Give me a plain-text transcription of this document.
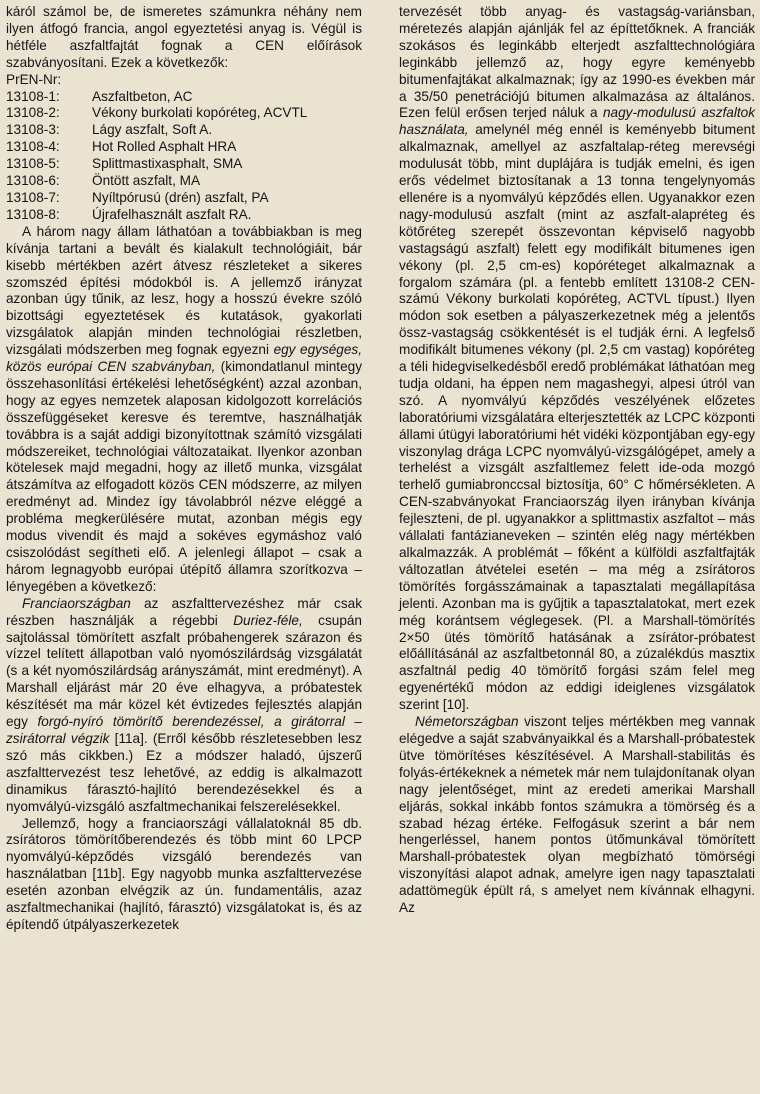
káról számol be, de ismeretes számunkra néhány nem ilyen átfogó francia, angol egyeztetési anyag is. Végül is hétféle aszfaltfajtát fognak a CEN előírások szabványosítani. Ezek a következők:

PrEN-Nr:
13108-1:	Aszfaltbeton, AC
13108-2:	Vékony burkolati kopóréteg, ACVTL
13108-3:	Lágy aszfalt, Soft A.
13108-4:	Hot Rolled Asphalt HRA
13108-5:	Splittmastixasphalt, SMA
13108-6:	Öntött aszfalt, MA
13108-7:	Nyíltpórusú (drén) aszfalt, PA
13108-8:	Újrafelhasznált aszfalt RA.

A három nagy állam láthatóan a továbbiakban is meg kívánja tartani a bevált és kialakult technológiáit, bár kisebb mértékben azért átvesz részleteket a sikeres szomszéd építési módokból is. A jellemző irányzat azonban úgy tűnik, az lesz, hogy a hosszú évekre szóló bizottsági egyeztetések és kutatások, gyakorlati vizsgálatok alapján minden technológiai részletben, vizsgálati módszerben meg fognak egyezni egy egységes, közös európai CEN szabványban, (kimondatlanul mintegy összehasonlítási értékelési lehetőségként) azzal azonban, hogy az egyes nemzetek alaposan kidolgozott korrelációs összefüggéseket keresve és teremtve, használhatják továbbra is a saját addigi bizonyítottnak számító vizsgálati módszereiket, technológiai változataikat. Ilyenkor azonban kötelesek majd megadni, hogy az illető munka, vizsgálat átszámítva az elfogadott közös CEN módszerre, az milyen eredményt ad. Mindez így távolabbról nézve eléggé a probléma megkerülésére mutat, azonban mégis egy modus vivendit és majd a sokéves egymáshoz való csiszolódást segítheti elő. A jelenlegi állapot – csak a három legnagyobb európai útépítő államra szorítkozva – lényegében a következő:

Franciaországban az aszfalttervezéshez már csak részben használják a régebbi Duriez-féle, csupán sajtolással tömörített aszfalt próbahengerek szárazon és vízzel telített állapotban való nyomószilárdság vizsgálatát (s a két nyomószilárdság arányszámát, mint eredményt). A Marshall eljárást már 20 éve elhagyva, a próbatestek készítését ma már közel két évtizedes fejlesztés alapján egy forgó-nyíró tömörítő berendezéssel, a girátorral – zsirátorral végzik [11a]. (Erről később részletesebben lesz szó más cikkben.) Ez a módszer haladó, újszerű aszfalttervezést tesz lehetővé, az eddig is alkalmazott dinamikus fárasztó-hajlító berendezésekkel és a nyomvályú-vizsgáló aszfaltmechanikai felszerelésekkel.

Jellemző, hogy a franciaországi vállalatoknál 85 db. zsírátoros tömörítőberendezés és több mint 60 LPCP nyomvályú-képződés vizsgáló berendezés van használatban [11b]. Egy nagyobb munka aszfalttervezése esetén azonban elvégzik az ún. fundamentális, azaz aszfaltmechanikai (hajlító, fárasztó) vizsgálatokat is, és az építendő útpályaszerkezetek

tervezését több anyag- és vastagság-variánsban, méretezés alapján ajánlják fel az építtetőknek. A franciák szokásos és leginkább elterjedt aszfalttechnológiára leginkább jellemző az, hogy egyre keményebb bitumenfajtákat alkalmaznak; így az 1990-es években már a 35/50 penetrációjú bitumen alkalmazása az általános. Ezen felül erősen terjed náluk a nagy-modulusú aszfaltok használata, amelynél még ennél is keményebb bitument alkalmaznak, amellyel az aszfaltalap-réteg merevségi modulusát több, mint duplájára is tudják emelni, és igen erős védelmet biztosítanak a 13 tonna tengelynyomás ellenére is a nyomvályú képződés ellen. Ugyanakkor ezen nagy-modulusú aszfalt (mint az aszfalt-alapréteg és kötőréteg szerepét összevontan képviselő nagyobb vastagságú aszfalt) felett egy modifikált bitumenes igen vékony (pl. 2,5 cm-es) kopóréteget alkalmaznak a forgalom számára (pl. a fentebb említett 13108-2 CEN-számú Vékony burkolati kopóréteg, ACTVL típust.) Ilyen módon sok esetben a pályaszerkezetnek még a jelentős össz-vastagság csökkentését is el tudják érni. A legfelső modifikált bitumenes vékony (pl. 2,5 cm vastag) kopóréteg a téli hidegviselkedésből eredő problémákat láthatóan meg tudja oldani, ha éppen nem magashegyi, alpesi útról van szó. A nyomvályú képződés veszélyének előzetes laboratóriumi vizsgálatára elterjesztették az LCPC központi állami útügyi laboratóriumi hét vidéki központjában egy-egy viszonylag drága LCPC nyomvályú-vizsgálógépet, amely a terhelést a vizsgált aszfaltlemez felett ide-oda mozgó terhelő gumiabronccsal biztosítja, 60° C hőmérsékleten. A CEN-szabványokat Franciaország ilyen irányban kívánja fejleszteni, de pl. ugyanakkor a splittmastix aszfaltot – más vállalati fantázianeveken – szintén elég nagy mértékben alkalmazzák. A problémát – főként a külföldi aszfaltfajták változatlan átvételei esetén – ma még a zsírátoros tömörítés forgásszámainak a tapasztalati megállapítása jelenti. Azonban ma is gyűjtik a tapasztalatokat, mert ezek még korántsem véglegesek. (Pl. a Marshall-tömörítés 2×50 ütés tömörítő hatásának a zsírátor-próbatest előállításánál az aszfaltbetonnál 80, a zúzalékdús masztix aszfaltnál pedig 40 tömörítő forgási szám felel meg egyenértékű módon az eddigi ideiglenes vizsgálatok szerint [10].

Németországban viszont teljes mértékben meg vannak elégedve a saját szabványaikkal és a Marshall-próbatestek ütve tömörítéses készítésével. A Marshall-stabilitás és folyás-értékeknek a németek már nem tulajdonítanak olyan nagy jelentőséget, mint az eredeti amerikai Marshall eljárás, sokkal inkább fontos számukra a tömörség és a szabad hézag értéke. Felfogásuk szerint a bár nem hengerléssel, hanem pontos ütőmunkával tömörített Marshall-próbatestek olyan megbízható tömörségi viszonyítási alapot adnak, amelyre igen nagy tapasztalati adattömegük épült rá, s amelyet nem kívánnak elhagyni. Az
